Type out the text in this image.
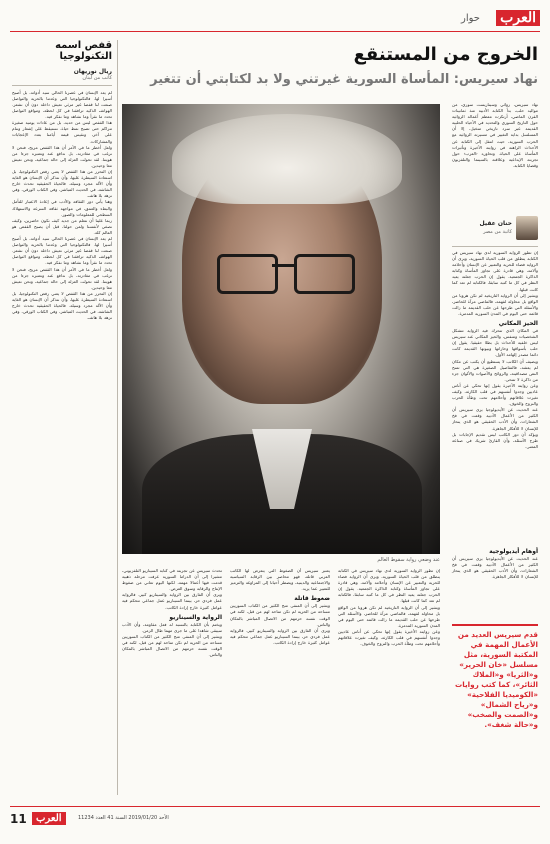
العرب
حوار
قفص اسمه التكنولوجيا
ريال نوريهان
كاتب من لبنان

لم يعد الإنسان في عصرنا الحالي سيد أدواته، بل أصبح أسيرا لها. فالتكنولوجيا التي وعدتنا بالحرية والتواصل صنعت لنا قفصا غير مرئي نعيش داخله دون أن نشعر. الهواتف الذكية ترافقنا في كل لحظة، ومواقع التواصل تحدد ما نقرأ وما نشاهد وما نفكر فيه.

هذا القفص ليس من حديد، بل من عادات يومية صغيرة تتراكم حتى تصبح نمط حياة. نستيقظ على إشعار وننام على آخر، ونقيس قيمة أيامنا بعدد الإعجابات والمشاركات.

ولعل أخطر ما في الأمر أن هذا القفص مريح، فنحن لا نرغب في مغادرته، بل ندافع عنه ونعتبره جزءا من هويتنا. لقد تحولت العزلة إلى حالة جماعية، ونحن نعيش معا وحيدين.

إن التحرر من هذا القفص لا يعني رفض التكنولوجيا، بل استعادة السيطرة عليها، وأن نتذكر أن الإنسان هو الغاية وأن الآلة مجرد وسيلة. فالحياة الحقيقية تحدث خارج الشاشة، في الحديث المباشر، وفي الكتاب الورقي، وفي نزهة بلا هاتف.

وهنا يأتي دور الثقافة والأدب في إعادة الاعتبار للتأمل والبطء والعمق، في مواجهة ثقافة السرعة والاستهلاك السطحي للمعلومات والصور.

ربما علينا أن نتعلم من جديد كيف نكون حاضرين، وكيف نصغي لأنفسنا ولمن حولنا، قبل أن يصبح القفص هو العالم كله.

لم يعد الإنسان في عصرنا الحالي سيد أدواته، بل أصبح أسيرا لها. فالتكنولوجيا التي وعدتنا بالحرية والتواصل صنعت لنا قفصا غير مرئي نعيش داخله دون أن نشعر. الهواتف الذكية ترافقنا في كل لحظة، ومواقع التواصل تحدد ما نقرأ وما نشاهد وما نفكر فيه.

ولعل أخطر ما في الأمر أن هذا القفص مريح، فنحن لا نرغب في مغادرته، بل ندافع عنه ونعتبره جزءا من هويتنا. لقد تحولت العزلة إلى حالة جماعية، ونحن نعيش معا وحيدين.

إن التحرر من هذا القفص لا يعني رفض التكنولوجيا، بل استعادة السيطرة عليها، وأن نتذكر أن الإنسان هو الغاية وأن الآلة مجرد وسيلة. فالحياة الحقيقية تحدث خارج الشاشة، في الحديث المباشر، وفي الكتاب الورقي، وفي نزهة بلا هاتف.

الخروج من المستنقع
نهاد سيريس: المأساة السورية غيرتني ولا بد لكتابتي أن تتغير

نهاد سيريس، روائي وسيناريست سوري، من مواليد حلب، بدأ الكتابة الأدبية منذ ثمانينات القرن الماضي، أرتكزت معظم أعماله الروائية حول التاريخ السوري والتحديد في الأحياء الحلبية القديمة عبر سرد تاريخي متخيل، إلا أن المسلسل بداية التغيير في مسيرته الروائية مع الحرب السورية، حيث انتقل إلى الكتابة عن الأحداث الراهنة في روايته الأخيرة وتأثيرات المأساة على الحياة. وتحاوره ‹العرب› حول تجربته الإبداعية وعلاقته بالسينما والتلفزيون وقضايا الكتابة.

حنان عقيل
كاتبة من مصر
عند وضعي رواية سقوط العالم

إن تطور الرواية السورية لدى نهاد سيريس في الكتابة ينطلق من قلب الحياة السورية، ويرى أن الرواية فضاء للحرية والتعبير عن الإنسان وأحلامه وآلامه، وهي قادرة على تجاوز المأساة وكتابة الذاكرة الجمعية. يقول إن الحرب جعلته يعيد النظر في كل ما كتبه سابقا، فالكتابة لم تعد كما كانت قبلها.

ويشير إلى أن الرواية التاريخية لم تكن هروبا من الواقع بل محاولة لفهمه، فالماضي مرآة للحاضر، والأسئلة التي طرحها عن حلب القديمة ما زالت قائمة حتى اليوم في المدن السورية المدمرة.

الحيز المكاني

في المكان الذي تتحرك فيه الرواية تتشكل الشخصيات وتتنفس، والحيز المكاني عند سيريس ليس خلفية للأحداث بل بطلا حقيقيا. يقول إن حلب بأسواقها وحاراتها وبيوتها القديمة كانت دائما مصدر إلهامه الأول.

ويضيف أن الكاتب لا يستطيع أن يكتب عن مكان لم يعشه، فالتفاصيل الصغيرة هي التي تمنح النص مصداقيته، والروائح والأصوات والألوان جزء من ذاكرة لا تمحى.

وعن روايته الأخيرة يقول إنها تحكي عن أناس عاديين وجدوا أنفسهم في قلب الكارثة، وكيف تغيرت علاقاتهم وأحلامهم تحت وطأة الحرب والنزوح والخوف.

عند الحديث عن الأيديولوجيا يرى سيريس أن الكثير من الأعمال الأدبية وقعت في فخ الشعارات، وأن الأدب الحقيقي هو الذي ينحاز للإنسان لا للأفكار الجاهزة.

ويؤكد أن دور الكاتب ليس تقديم الإجابات بل طرح الأسئلة، وأن القارئ شريك في صناعة المعنى.

أوهام أيديولوجية

عند الحديث عن الأيديولوجيا يرى سيريس أن الكثير من الأعمال الأدبية وقعت في فخ الشعارات، وأن الأدب الحقيقي هو الذي ينحاز للإنسان لا للأفكار الجاهزة.

قدم سيريس العديد من الأعمال المهمة في المكتبة السورية، مثل مسلسل «خان الحرير» و«الثريا» و«الملاك الثائر»، كما كتب روايات «الكوميديا الفلاحية» و«رياح الشمال» و«الصمت والصخب» و«حالة شغف».

تحدث سيريس عن تجربته في كتابة السيناريو التلفزيوني، مشيرا إلى أن الدراما السورية عرفت مرحلة ذهبية قدمت فيها أعمالا مهمة، لكنها اليوم تعاني من ضغوط الإنتاج والرقابة وسوق العرض.

ويرى أن الفارق بين الرواية والسيناريو كبير، فالرواية عمل فردي حر، بينما السيناريو عمل جماعي تتحكم فيه عوامل كثيرة خارج إرادة الكاتب.

الرواية والسيناريو

ويختم بأن الكتابة بالنسبة له فعل مقاومة، وأن الأدب سيبقى شاهدا على ما جرى مهما طال الزمن.

ويشير إلى أن المنفى منح الكثير من الكتاب السوريين مساحة من الحرية لم تكن متاحة لهم من قبل، لكنه في الوقت نفسه حرمهم من الاتصال المباشر بالمكان والناس.

يعتبر سيريس أن الضغوط التي يتعرض لها الكاتب العربي قاتلة، فهو محاصر بين الرقابة السياسية والاجتماعية والدينية، ويضطر أحيانا إلى المراوغة والترميز للتعبير عما يريد.

ضغوط قاتلة

ويشير إلى أن المنفى منح الكثير من الكتاب السوريين مساحة من الحرية لم تكن متاحة لهم من قبل، لكنه في الوقت نفسه حرمهم من الاتصال المباشر بالمكان والناس.

ويرى أن الفارق بين الرواية والسيناريو كبير، فالرواية عمل فردي حر، بينما السيناريو عمل جماعي تتحكم فيه عوامل كثيرة خارج إرادة الكاتب.

إن تطور الرواية السورية لدى نهاد سيريس في الكتابة ينطلق من قلب الحياة السورية، ويرى أن الرواية فضاء للحرية والتعبير عن الإنسان وأحلامه وآلامه، وهي قادرة على تجاوز المأساة وكتابة الذاكرة الجمعية. يقول إن الحرب جعلته يعيد النظر في كل ما كتبه سابقا، فالكتابة لم تعد كما كانت قبلها.

ويشير إلى أن الرواية التاريخية لم تكن هروبا من الواقع بل محاولة لفهمه، فالماضي مرآة للحاضر، والأسئلة التي طرحها عن حلب القديمة ما زالت قائمة حتى اليوم في المدن السورية المدمرة.

وعن روايته الأخيرة يقول إنها تحكي عن أناس عاديين وجدوا أنفسهم في قلب الكارثة، وكيف تغيرت علاقاتهم وأحلامهم تحت وطأة الحرب والنزوح والخوف.

11 العرب	الأحد 2019/01/20 السنة 41 العدد 11234
